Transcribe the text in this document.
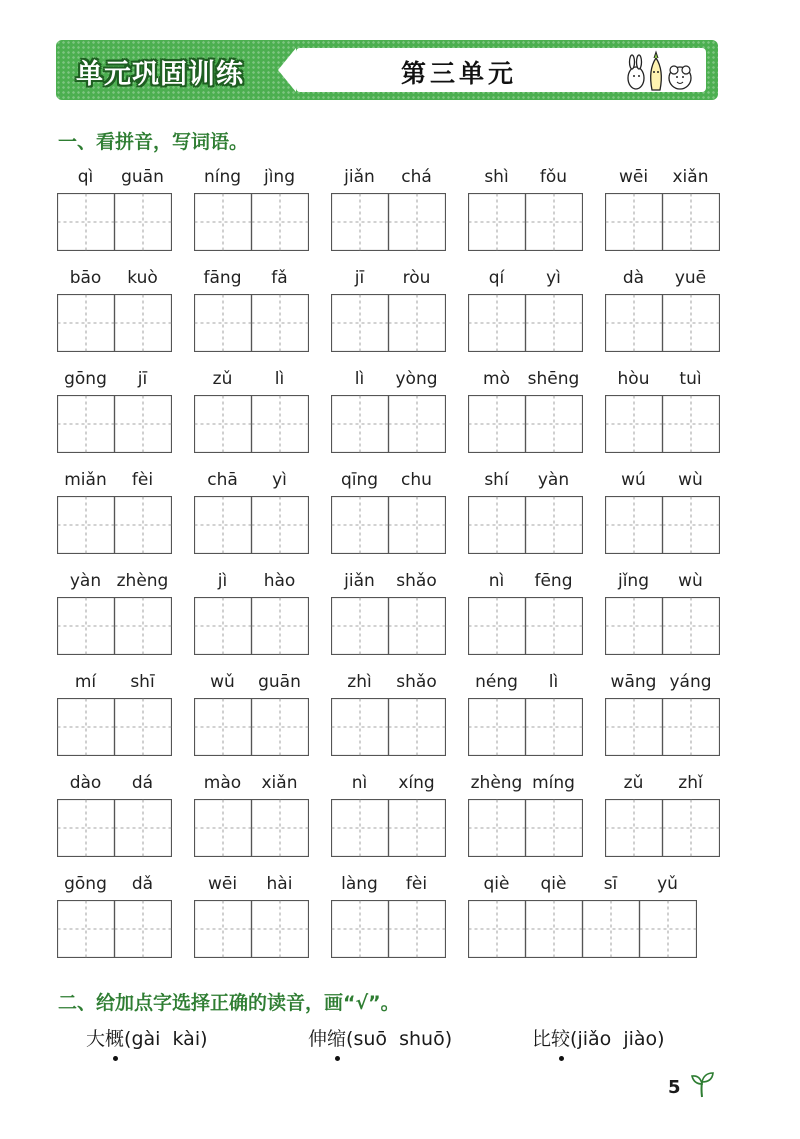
单元巩固训练	第三单元
一、看拼音，写词语。
qì	guān	níng	jìng	jiǎn	chá	shì	fǒu	wēi	xiǎn
bāo	kuò	fāng	fǎ	jī	ròu	qí	yì	dà	yuē
gōng	jī	zǔ	lì	lì	yòng	mò	shēng	hòu	tuì
miǎn	fèi	chā	yì	qīng	chu	shí	yàn	wú	wù
yàn zhèng	jì	hào	jiǎn	shǎo	nì	fēng	jǐng	wù
mí	shī	wǔ	guān	zhì	shǎo	néng	lì	wāng yáng
dào	dá	mào	xiǎn	nì	xíng	zhèng míng	zǔ	zhǐ
gōng	dǎ	wēi	hài	làng	fèi	qiè	qiè	sī	yǔ
二、给加点字选择正确的读音，画“√”。
大概
(gài  kài)	伸缩
(suō  shuō)	比较
(jiǎo  jiào)
5
